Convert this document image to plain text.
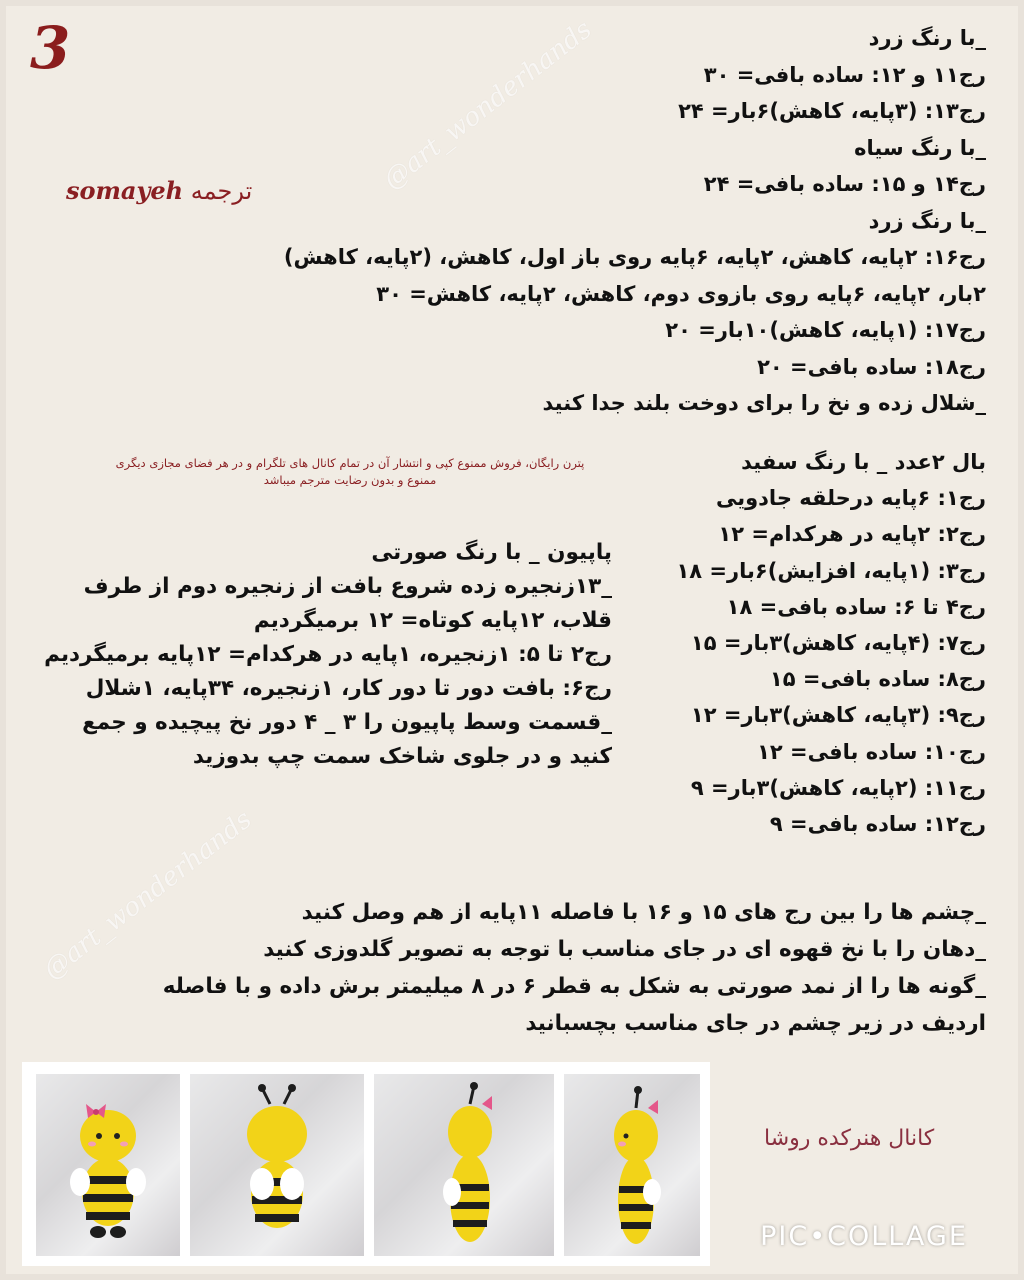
3
somayeh ترجمه	@art_wonderhands
@art_wonderhands
_با رنگ زرد
رج۱۱ و ۱۲: ساده بافی= ۳۰
رج۱۳: (۳پایه، کاهش)۶بار= ۲۴
_با رنگ سیاه
رج۱۴ و ۱۵: ساده بافی= ۲۴
_با رنگ زرد
رج۱۶: ۲پایه، کاهش، ۲پایه، ۶پایه روی باز اول، کاهش، (۲پایه، کاهش)
۲بار، ۲پایه، ۶پایه روی بازوی دوم، کاهش، ۲پایه، کاهش= ۳۰
رج۱۷: (۱پایه، کاهش)۱۰بار= ۲۰
رج۱۸: ساده بافی= ۲۰
_شلال زده و نخ را برای دوخت بلند جدا کنید
پترن رایگان، فروش ممنوع کپی و انتشار آن در تمام کانال های تلگرام و در هر فضای مجازی دیگری
ممنوع و بدون رضایت مترجم میباشد
بال ۲عدد _ با رنگ سفید
رج۱: ۶پایه درحلقه جادویی
رج۲: ۲پایه در هرکدام= ۱۲
رج۳: (۱پایه، افزایش)۶بار= ۱۸
رج۴ تا ۶: ساده بافی= ۱۸
رج۷: (۴پایه، کاهش)۳بار= ۱۵
رج۸: ساده بافی= ۱۵
رج۹: (۳پایه، کاهش)۳بار= ۱۲
رج۱۰: ساده بافی= ۱۲
رج۱۱: (۲پایه، کاهش)۳بار= ۹
رج۱۲: ساده بافی= ۹
پاپیون _ با رنگ صورتی
_۱۳زنجیره زده شروع بافت از زنجیره دوم از طرف
قلاب، ۱۲پایه کوتاه= ۱۲ برمیگردیم
رج۲ تا ۵: ۱زنجیره، ۱پایه در هرکدام= ۱۲پایه برمیگردیم
رج۶: بافت دور تا دور کار، ۱زنجیره، ۳۴پایه، ۱شلال
_قسمت وسط پاپیون را ۳ _ ۴ دور نخ پیچیده و جمع
کنید و در جلوی شاخک سمت چپ بدوزید
_چشم ها را بین رج های ۱۵ و ۱۶ با فاصله ۱۱پایه از هم وصل کنید
_دهان را با نخ قهوه ای در جای مناسب با توجه به تصویر گلدوزی کنید
_گونه ها را از نمد صورتی به شکل به قطر ۶ در ۸ میلیمتر برش داده و با فاصله
اردیف در زیر چشم در جای مناسب بچسبانید
کانال هنرکده روشا
PIC•COLLAGE
